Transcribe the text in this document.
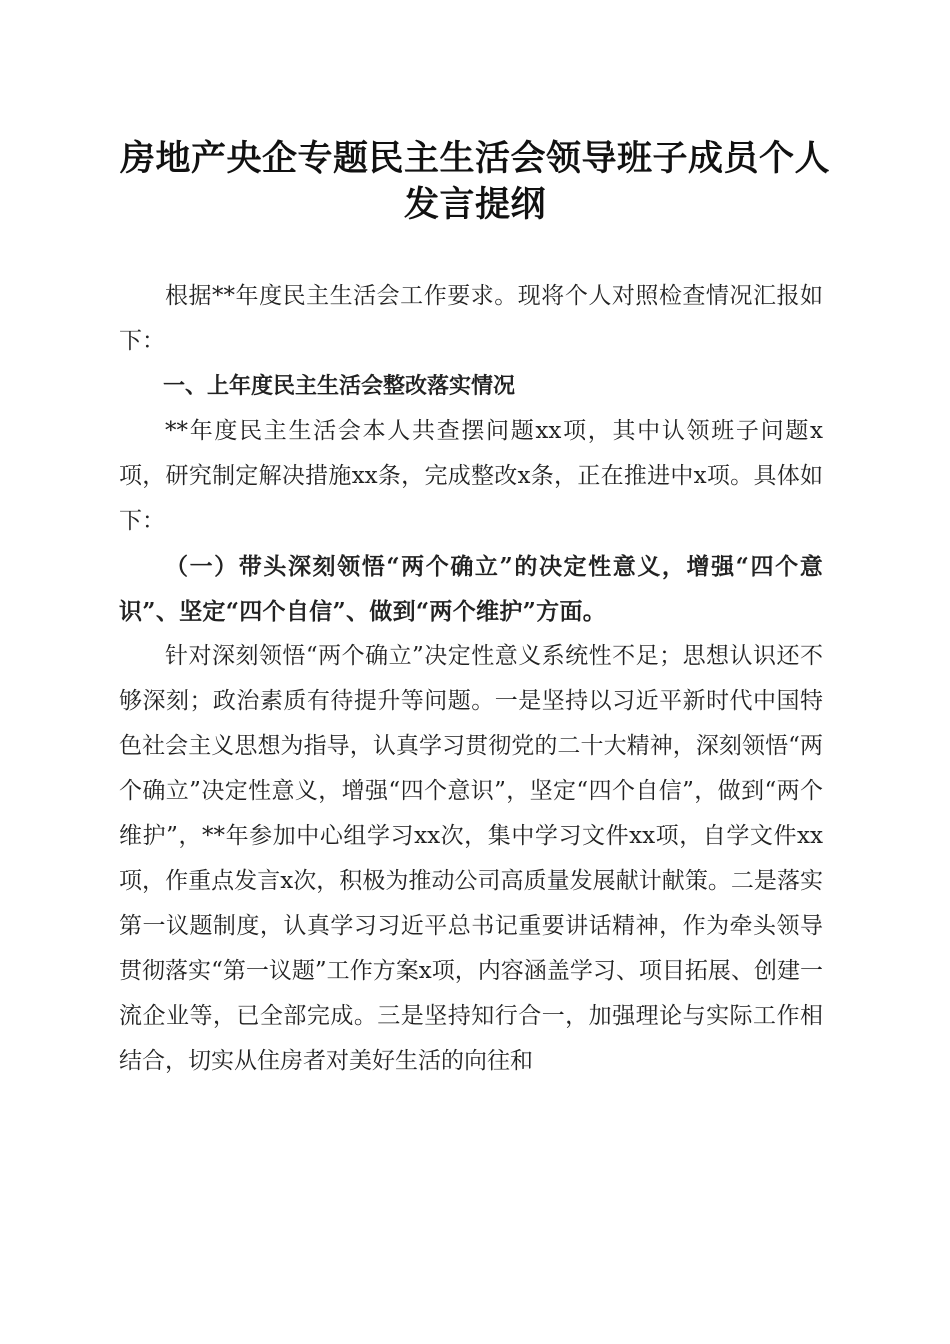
房地产央企专题民主生活会领导班子成员个人
发言提纲

根据**年度民主生活会工作要求。现将个人对照检查情况汇报如下：

一、上年度民主生活会整改落实情况

**年度民主生活会本人共查摆问题xx项，其中认领班子问题x项，研究制定解决措施xx条，完成整改x条，正在推进中x项。具体如下：

（一）带头深刻领悟“两个确立”的决定性意义，增强“四个意识”、坚定“四个自信”、做到“两个维护”方面。

针对深刻领悟“两个确立”决定性意义系统性不足；思想认识还不够深刻；政治素质有待提升等问题。一是坚持以习近平新时代中国特色社会主义思想为指导，认真学习贯彻党的二十大精神，深刻领悟“两个确立”决定性意义，增强“四个意识”，坚定“四个自信”，做到“两个维护”，**年参加中心组学习xx次，集中学习文件xx项，自学文件xx项，作重点发言x次，积极为推动公司高质量发展献计献策。二是落实第一议题制度，认真学习习近平总书记重要讲话精神，作为牵头领导贯彻落实“第一议题”工作方案x项，内容涵盖学习、项目拓展、创建一流企业等，已全部完成。三是坚持知行合一，加强理论与实际工作相结合，切实从住房者对美好生活的向往和
